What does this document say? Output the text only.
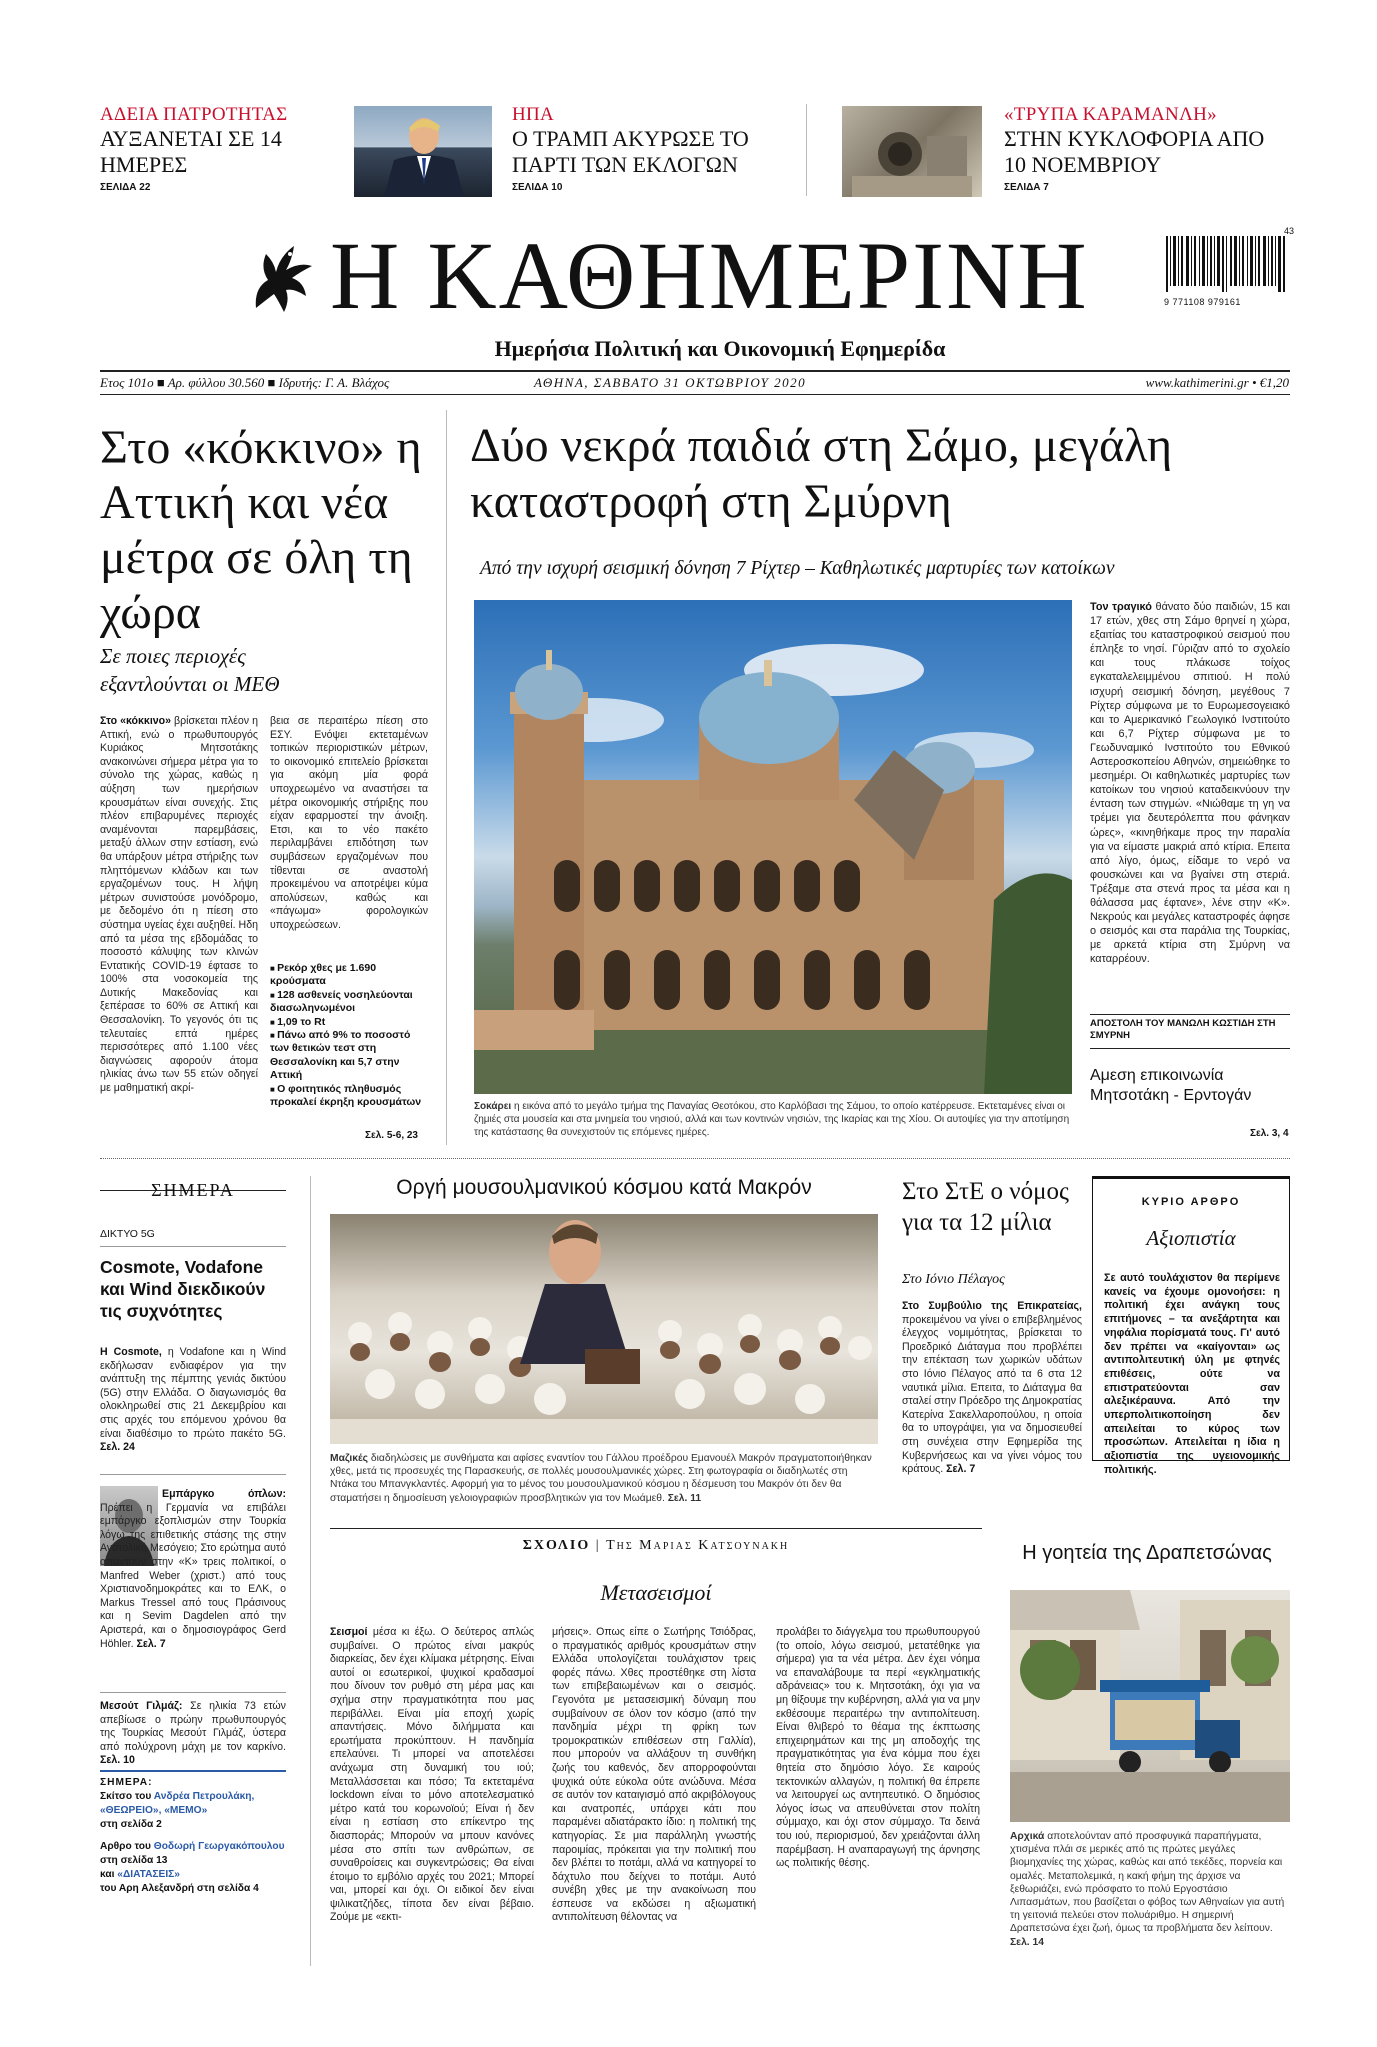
ΑΔΕΙΑ ΠΑΤΡΟΤΗΤΑΣ
ΑΥΞΑΝΕΤΑΙ ΣΕ 14 ΗΜΕΡΕΣ
ΣΕΛΙΔΑ 22
ΗΠΑ
Ο ΤΡΑΜΠ ΑΚΥΡΩΣΕ ΤΟ ΠΑΡΤΙ ΤΩΝ ΕΚΛΟΓΩΝ
ΣΕΛΙΔΑ 10
«ΤΡΥΠΑ ΚΑΡΑΜΑΝΛΗ»
ΣΤΗΝ ΚΥΚΛΟΦΟΡΙΑ ΑΠΟ 10 ΝΟΕΜΒΡΙΟΥ
ΣΕΛΙΔΑ 7
Η ΚΑΘΗΜΕΡΙΝΗ
Ημερήσια Πολιτική και Οικονομική Εφημερίδα
43
9 771108 979161
Ετος 101ο ■ Αρ. φύλλου 30.560 ■ Ιδρυτής: Γ. Α. Βλάχος	ΑΘΗΝΑ, ΣΑΒΒΑΤΟ 31 ΟΚΤΩΒΡΙΟΥ 2020	www.kathimerini.gr • €1,20
Στο «κόκκινο» η Αττική και νέα μέτρα σε όλη τη χώρα
Σε ποιες περιοχές εξαντλούνται οι ΜΕΘ
Στο «κόκκινο» βρίσκεται πλέον η Αττική, ενώ ο πρωθυπουργός Κυριάκος Μητσοτάκης ανακοινώνει σήμερα μέτρα για το σύνολο της χώρας, καθώς η αύξηση των ημερήσιων κρουσμάτων είναι συνεχής. Στις πλέον επιβαρυμένες περιοχές αναμένονται παρεμβάσεις, μεταξύ άλλων στην εστίαση, ενώ θα υπάρξουν μέτρα στήριξης των πληττόμενων κλάδων και των εργαζομένων τους. Η λήψη μέτρων συνιστούσε μονόδρομο, με δεδομένο ότι η πίεση στο σύστημα υγείας έχει αυξηθεί. Ηδη από τα μέσα της εβδομάδας το ποσοστό κάλυψης των κλινών Εντατικής COVID-19 έφτασε το 100% στα νοσοκομεία της Δυτικής Μακεδονίας και ξεπέρασε το 60% σε Αττική και Θεσσαλονίκη. Το γεγονός ότι τις τελευταίες επτά ημέρες περισσότερες από 1.100 νέες διαγνώσεις αφορούν άτομα ηλικίας άνω των 55 ετών οδηγεί με μαθηματική ακρί-
βεια σε περαιτέρω πίεση στο ΕΣΥ. Ενόψει εκτεταμένων τοπικών περιοριστικών μέτρων, το οικονομικό επιτελείο βρίσκεται για ακόμη μία φορά υποχρεωμένο να αναστήσει τα μέτρα οικονομικής στήριξης που είχαν εφαρμοστεί την άνοιξη. Ετσι, και το νέο πακέτο περιλαμβάνει επιδότηση των συμβάσεων εργαζομένων που τίθενται σε αναστολή προκειμένου να αποτρέψει κύμα απολύσεων, καθώς και «πάγωμα» φορολογικών υποχρεώσεων.
■ Ρεκόρ χθες με 1.690 κρούσματα
■ 128 ασθενείς νοσηλεύονται διασωληνωμένοι
■ 1,09 το Rt
■ Πάνω από 9% το ποσοστό των θετικών τεστ στη Θεσσαλονίκη και 5,7 στην Αττική
■ Ο φοιτητικός πληθυσμός προκαλεί έκρηξη κρουσμάτων
Σελ. 5-6, 23
Δύο νεκρά παιδιά στη Σάμο, μεγάλη καταστροφή στη Σμύρνη
Από την ισχυρή σεισμική δόνηση 7 Ρίχτερ – Καθηλωτικές μαρτυρίες των κατοίκων
Σοκάρει η εικόνα από το μεγάλο τμήμα της Παναγίας Θεοτόκου, στο Καρλόβασι της Σάμου, το οποίο κατέρρευσε. Εκτεταμένες είναι οι ζημιές στα μουσεία και στα μνημεία του νησιού, αλλά και των κοντινών νησιών, της Ικαρίας και της Χίου. Οι αυτοψίες για την αποτίμηση της κατάστασης θα συνεχιστούν τις επόμενες ημέρες.
Τον τραγικό θάνατο δύο παιδιών, 15 και 17 ετών, χθες στη Σάμο θρηνεί η χώρα, εξαιτίας του καταστροφικού σεισμού που έπληξε το νησί. Γύριζαν από το σχολείο και τους πλάκωσε τοίχος εγκαταλελειμμένου σπιτιού. Η πολύ ισχυρή σεισμική δόνηση, μεγέθους 7 Ρίχτερ σύμφωνα με το Ευρωμεσογειακό και το Αμερικανικό Γεωλογικό Ινστιτούτο και 6,7 Ρίχτερ σύμφωνα με το Γεωδυναμικό Ινστιτούτο του Εθνικού Αστεροσκοπείου Αθηνών, σημειώθηκε το μεσημέρι. Οι καθηλωτικές μαρτυρίες των κατοίκων του νησιού καταδεικνύουν την ένταση των στιγμών. «Νιώθαμε τη γη να τρέμει για δευτερόλεπτα που φάνηκαν ώρες», «κινηθήκαμε προς την παραλία για να είμαστε μακριά από κτίρια. Επειτα από λίγο, όμως, είδαμε το νερό να φουσκώνει και να βγαίνει στη στεριά. Τρέξαμε στα στενά προς τα μέσα και η θάλασσα μας έφτανε», λένε στην «Κ». Νεκρούς και μεγάλες καταστροφές άφησε ο σεισμός και στα παράλια της Τουρκίας, με αρκετά κτίρια στη Σμύρνη να καταρρέουν.
ΑΠΟΣΤΟΛΗ ΤΟΥ ΜΑΝΩΛΗ ΚΩΣΤΙΔΗ ΣΤΗ ΣΜΥΡΝΗ
Αμεση επικοινωνία Μητσοτάκη - Ερντογάν
Σελ. 3, 4
ΣΗΜΕΡΑ
ΔΙΚΤΥΟ 5G
Cosmote, Vodafone και Wind διεκδικούν τις συχνότητες
Η Cosmote, η Vodafone και η Wind εκδήλωσαν ενδιαφέρον για την ανάπτυξη της πέμπτης γενιάς δικτύου (5G) στην Ελλάδα. Ο διαγωνισμός θα ολοκληρωθεί στις 21 Δεκεμβρίου και στις αρχές του επόμενου χρόνου θα είναι διαθέσιμο το πρώτο πακέτο 5G. Σελ. 24
Εμπάργκο όπλων: Πρέπει η Γερμανία να επιβάλει εμπάργκο εξοπλισμών στην Τουρκία λόγω της επιθετικής στάσης της στην Ανατολική Μεσόγειο; Στο ερώτημα αυτό απαντούν στην «Κ» τρεις πολιτικοί, ο Manfred Weber (χριστ.) από τους Χριστιανοδημοκράτες και το ΕΛΚ, ο Markus Tressel από τους Πράσινους και η Sevim Dagdelen από την Αριστερά, και ο δημοσιογράφος Gerd Höhler. Σελ. 7
Μεσούτ Γιλμάζ: Σε ηλικία 73 ετών απεβίωσε ο πρώην πρωθυπουργός της Τουρκίας Μεσούτ Γιλμάζ, ύστερα από πολύχρονη μάχη με τον καρκίνο. Σελ. 10
ΣΗΜΕΡΑ:
Σκίτσο του Ανδρέα Πετρουλάκη,
«ΘΕΩΡΕΙΟ», «ΜΕΜΟ»
στη σελίδα 2
Αρθρο του Θοδωρή Γεωργακόπουλου
στη σελίδα 13
και «ΔΙΑΤΑΣΕΙΣ»
του Αρη Αλεξανδρή στη σελίδα 4
Οργή μουσουλμανικού κόσμου κατά Μακρόν
Μαζικές διαδηλώσεις με συνθήματα και αφίσες εναντίον του Γάλλου προέδρου Εμανουέλ Μακρόν πραγματοποιήθηκαν χθες, μετά τις προσευχές της Παρασκευής, σε πολλές μουσουλμανικές χώρες. Στη φωτογραφία οι διαδηλωτές στη Ντάκα του Μπανγκλαντές. Αφορμή για το μένος του μουσουλμανικού κόσμου η δέσμευση του Μακρόν ότι δεν θα σταματήσει η δημοσίευση γελοιογραφιών προσβλητικών για τον Μωάμεθ. Σελ. 11
Στο ΣτΕ ο νόμος για τα 12 μίλια
Στο Ιόνιο Πέλαγος
Στο Συμβούλιο της Επικρατείας, προκειμένου να γίνει ο επιβεβλημένος έλεγχος νομιμότητας, βρίσκεται το Προεδρικό Διάταγμα που προβλέπει την επέκταση των χωρικών υδάτων στο Ιόνιο Πέλαγος από τα 6 στα 12 ναυτικά μίλια. Επειτα, το Διάταγμα θα σταλεί στην Πρόεδρο της Δημοκρατίας Κατερίνα Σακελλαροπούλου, η οποία θα το υπογράψει, για να δημοσιευθεί στη συνέχεια στην Εφημερίδα της Κυβερνήσεως και να γίνει νόμος του κράτους. Σελ. 7
ΚΥΡΙΟ ΑΡΘΡΟ
Αξιοπιστία
Σε αυτό τουλάχιστον θα περίμενε κανείς να έχουμε ομονοήσει: η πολιτική έχει ανάγκη τους επιτήμονες – τα ανεξάρτητα και νηφάλια πορίσματά τους. Γι' αυτό δεν πρέπει να «καίγονται» ως αντιπολιτευτική ύλη με φτηνές επιθέσεις, ούτε να επιστρατεύονται σαν αλεξικέραυνα. Από την υπερπολιτικοποίηση δεν απειλείται το κύρος των προσώπων. Απειλείται η ίδια η αξιοπιστία της υγειονομικής πολιτικής.
ΣΧΟΛΙΟ | Της Μαριας Κατσουνακη
Μετασεισμοί
Σεισμοί μέσα κι έξω. Ο δεύτερος απλώς συμβαίνει. Ο πρώτος είναι μακρύς διαρκείας, δεν έχει κλίμακα μέτρησης. Είναι αυτοί οι εσωτερικοί, ψυχικοί κραδασμοί που δίνουν τον ρυθμό στη μέρα μας και σχήμα στην πραγματικότητα που μας περιβάλλει. Είναι μία εποχή χωρίς απαντήσεις. Μόνο διλήμματα και ερωτήματα προκύπτουν. Η πανδημία επελαύνει. Τι μπορεί να αποτελέσει ανάχωμα στη δυναμική του ιού; Μεταλλάσσεται και πόσο; Τα εκτεταμένα lockdown είναι το μόνο αποτελεσματικό μέτρο κατά του κορωνοϊού; Είναι ή δεν είναι η εστίαση στο επίκεντρο της διασποράς; Μπορούν να μπουν κανόνες μέσα στο σπίτι των ανθρώπων, σε συναθροίσεις και συγκεντρώσεις; Θα είναι έτοιμο το εμβόλιο αρχές του 2021; Μπορεί ναι, μπορεί και όχι. Οι ειδικοί δεν είναι ψιλικατζήδες, τίποτα δεν είναι βέβαιο. Ζούμε με «εκτι-
μήσεις». Οπως είπε ο Σωτήρης Τσιόδρας, ο πραγματικός αριθμός κρουσμάτων στην Ελλάδα υπολογίζεται τουλάχιστον τρεις φορές πάνω. Χθες προστέθηκε στη λίστα των επιβεβαιωμένων και ο σεισμός. Γεγονότα με μετασεισμική δύναμη που συμβαίνουν σε όλον τον κόσμο (από την πανδημία μέχρι τη φρίκη των τρομοκρατικών επιθέσεων στη Γαλλία), που μπορούν να αλλάξουν τη συνθήκη ζωής του καθενός, δεν απορροφούνται ψυχικά ούτε εύκολα ούτε ανώδυνα. Μέσα σε αυτόν τον καταιγισμό από ακριβόλογους και ανατροπές, υπάρχει κάτι που παραμένει αδιατάρακτο ίδιο: η πολιτική της κατηγορίας. Σε μια παράλληλη γνωστής παροιμίας, πρόκειται για την πολιτική που δεν βλέπει το ποτάμι, αλλά να κατηγορεί το δάχτυλο που δείχνει το ποτάμι. Αυτό συνέβη χθες με την ανακοίνωση που έσπευσε να εκδώσει η αξιωματική αντιπολίτευση θέλοντας να
προλάβει το διάγγελμα του πρωθυπουργού (το οποίο, λόγω σεισμού, μετατέθηκε για σήμερα) για τα νέα μέτρα. Δεν έχει νόημα να επαναλάβουμε τα περί «εγκληματικής αδράνειας» του κ. Μητσοτάκη, όχι για να μη θίξουμε την κυβέρνηση, αλλά για να μην εκθέσουμε περαιτέρω την αντιπολίτευση. Είναι θλιβερό το θέαμα της έκπτωσης επιχειρημάτων και της μη αποδοχής της πραγματικότητας για ένα κόμμα που έχει θητεία στο δημόσιο λόγο. Σε καιρούς τεκτονικών αλλαγών, η πολιτική θα έπρεπε να λειτουργεί ως αντηπευτικό. Ο δημόσιος λόγος ίσως να απευθύνεται στον πολίτη σύμμαχο, και όχι στον σύμμαχο. Τα δεινά του ιού, περιορισμού, δεν χρειάζονται άλλη παρέμβαση. Η αναπαραγωγή της άρνησης ως πολιτικής θέσης.
Η γοητεία της Δραπετσώνας
Αρχικά αποτελούνταν από προσφυγικά παραπήγματα, χτισμένα πλάι σε μερικές από τις πρώτες μεγάλες βιομηχανίες της χώρας, καθώς και από τεκέδες, πορνεία και ομαλές. Μεταπολεμικά, η κακή φήμη της άρχισε να ξεθωριάζει, ενώ πρόσφατο το πολύ Εργοστάσιο Λιπασμάτων, που βασίζεται ο φόβος των Αθηναίων για αυτή τη γειτονιά πελεύει στον πολυάριθμο. Η σημερινή Δραπετσώνα έχει ζωή, όμως τα προβλήματα δεν λείπουν. Σελ. 14
